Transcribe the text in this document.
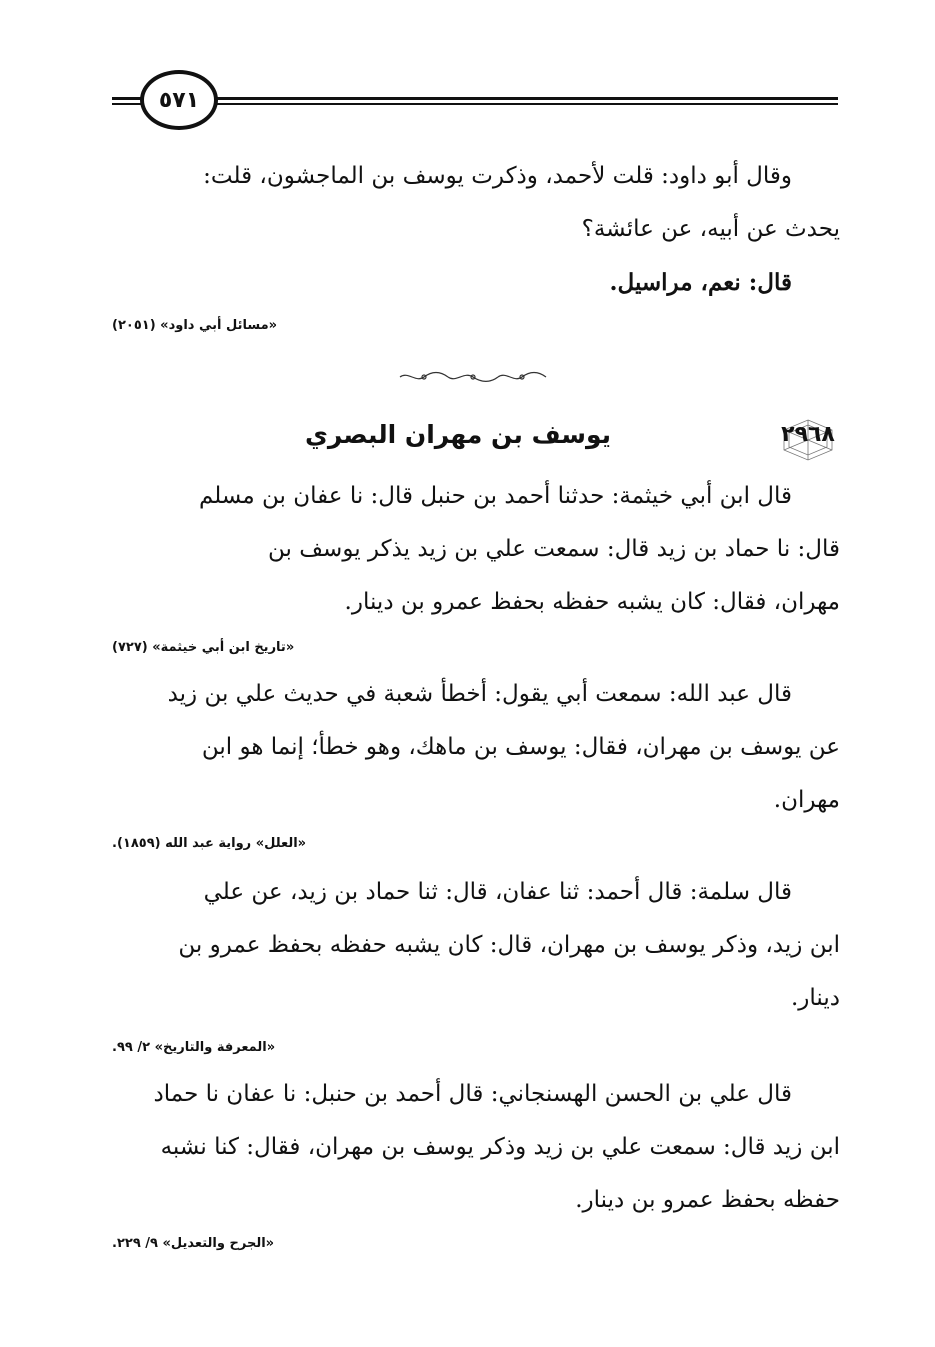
٥٧١

وقال أبو داود: قلت لأحمد، وذكرت يوسف بن الماجشون، قلت:
يحدث عن أبيه، عن عائشة؟
قال: نعم، مراسيل.

«مسائل أبي داود» (٢٠٥١)
٢٩٦٨
يوسف بن مهران البصري

قال ابن أبي خيثمة: حدثنا أحمد بن حنبل قال: نا عفان بن مسلم
قال: نا حماد بن زيد قال: سمعت علي بن زيد يذكر يوسف بن
مهران، فقال: كان يشبه حفظه بحفظ عمرو بن دينار.

«تاريخ ابن أبي خيثمة» (٧٢٧)

قال عبد الله: سمعت أبي يقول: أخطأ شعبة في حديث علي بن زيد
عن يوسف بن مهران، فقال: يوسف بن ماهك، وهو خطأ؛ إنما هو ابن
مهران.

«العلل» رواية عبد الله (١٨٥٩).

قال سلمة: قال أحمد: ثنا عفان، قال: ثنا حماد بن زيد، عن علي
ابن زيد، وذكر يوسف بن مهران، قال: كان يشبه حفظه بحفظ عمرو بن
دينار.

«المعرفة والتاريخ» ٢/ ٩٩.

قال علي بن الحسن الهسنجاني: قال أحمد بن حنبل: نا عفان نا حماد
ابن زيد قال: سمعت علي بن زيد وذكر يوسف بن مهران، فقال: كنا نشبه
حفظه بحفظ عمرو بن دينار.

«الجرح والتعديل» ٩/ ٢٢٩.
